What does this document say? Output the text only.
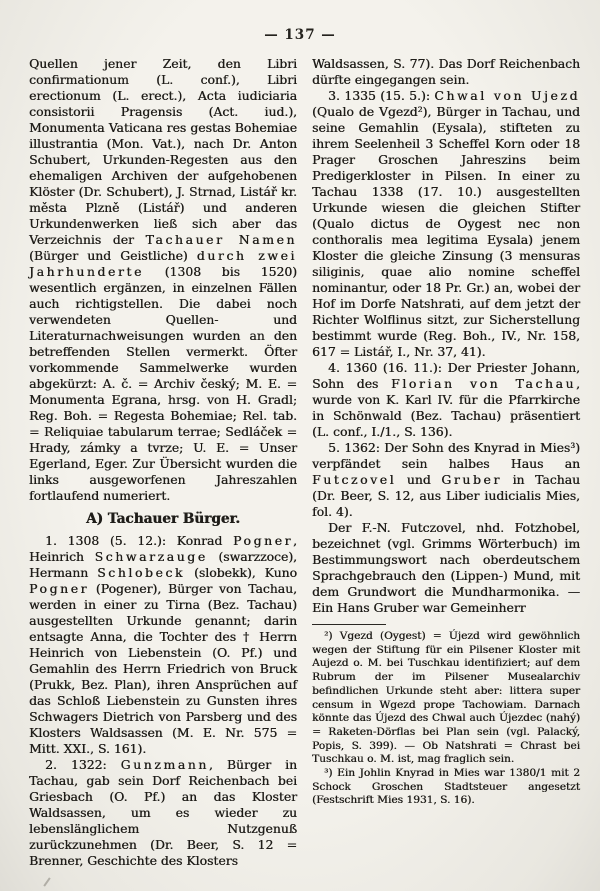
— 137 —

Quellen jener Zeit, den Libri confirmationum (L. conf.), Libri erectionum (L. erect.), Acta iudiciaria consistorii Pragensis (Act. iud.), Monumenta Vaticana res gestas Bohemiae illustrantia (Mon. Vat.), nach Dr. Anton Schubert, Urkunden-Regesten aus den ehemaligen Archiven der aufgehobenen Klöster (Dr. Schubert), J. Strnad, Listář kr. města Plzně (Listář) und anderen Urkundenwerken ließ sich aber das Verzeichnis der Tachauer Namen (Bürger und Geistliche) durch zwei Jahrhunderte (1308 bis 1520) wesentlich ergänzen, in einzelnen Fällen auch richtigstellen. Die dabei noch verwendeten Quellen- und Literaturnachweisungen wurden an den betreffenden Stellen vermerkt. Öfter vorkommende Sammelwerke wurden abgekürzt: A. č. = Archiv český; M. E. = Monumenta Egrana, hrsg. von H. Gradl; Reg. Boh. = Regesta Bohemiae; Rel. tab. = Reliquiae tabularum terrae; Sedláček = Hrady, zámky a tvrze; U. E. = Unser Egerland, Eger. Zur Übersicht wurden die links ausgeworfenen Jahreszahlen fortlaufend numeriert.

A) Tachauer Bürger.

1. 1308 (5. 12.): Konrad Pogner, Heinrich Schwarzauge (swarzzoce), Hermann Schlobeck (slobekk), Kuno Pogner (Pogener), Bürger von Tachau, werden in einer zu Tirna (Bez. Tachau) ausgestellten Urkunde genannt; darin entsagte Anna, die Tochter des † Herrn Heinrich von Liebenstein (O. Pf.) und Gemahlin des Herrn Friedrich von Bruck (Prukk, Bez. Plan), ihren Ansprüchen auf das Schloß Liebenstein zu Gunsten ihres Schwagers Dietrich von Parsberg und des Klosters Waldsassen (M. E. Nr. 575 = Mitt. XXI., S. 161).

2. 1322: Gunzmann, Bürger in Tachau, gab sein Dorf Reichenbach bei Griesbach (O. Pf.) an das Kloster Waldsassen, um es wieder zu lebenslänglichem Nutzgenuß zurückzunehmen (Dr. Beer, S. 12 = Brenner, Geschichte des Klosters

Waldsassen, S. 77). Das Dorf Reichenbach dürfte eingegangen sein.

3. 1335 (15. 5.): Chwal von Ujezd (Qualo de Vgezd²), Bürger in Tachau, und seine Gemahlin (Eysala), stifteten zu ihrem Seelenheil 3 Scheffel Korn oder 18 Prager Groschen Jahreszins beim Predigerkloster in Pilsen. In einer zu Tachau 1338 (17. 10.) ausgestellten Urkunde wiesen die gleichen Stifter (Qualo dictus de Oygest nec non conthoralis mea legitima Eysala) jenem Kloster die gleiche Zinsung (3 mensuras siliginis, quae alio nomine scheffel nominantur, oder 18 Pr. Gr.) an, wobei der Hof im Dorfe Natshrati, auf dem jetzt der Richter Wolflinus sitzt, zur Sicherstellung bestimmt wurde (Reg. Boh., IV., Nr. 158, 617 = Listář, I., Nr. 37, 41).

4. 1360 (16. 11.): Der Priester Johann, Sohn des Florian von Tachau, wurde von K. Karl IV. für die Pfarrkirche in Schönwald (Bez. Tachau) präsentiert (L. conf., I./1., S. 136).

5. 1362: Der Sohn des Knyrad in Mies³) verpfändet sein halbes Haus an Futczovel und Gruber in Tachau (Dr. Beer, S. 12, aus Liber iudicialis Mies, fol. 4).

Der F.-N. Futczovel, nhd. Fotzhobel, bezeichnet (vgl. Grimms Wörterbuch) im Bestimmungswort nach oberdeutschem Sprachgebrauch den (Lippen-) Mund, mit dem Grundwort die Mundharmonika. — Ein Hans Gruber war Gemeinherr

²) Vgezd (Oygest) = Újezd wird gewöhnlich wegen der Stiftung für ein Pilsener Kloster mit Aujezd o. M. bei Tuschkau identifiziert; auf dem Rubrum der im Pilsener Musealarchiv befindlichen Urkunde steht aber: littera super censum in Wgezd prope Tachowiam. Darnach könnte das Újezd des Chwal auch Újezdec (nahý) = Raketen-Dörflas bei Plan sein (vgl. Palacký, Popis, S. 399). — Ob Natshrati = Chrast bei Tuschkau o. M. ist, mag fraglich sein.

³) Ein Johlin Knyrad in Mies war 1380/1 mit 2 Schock Groschen Stadtsteuer angesetzt (Festschrift Mies 1931, S. 16).
